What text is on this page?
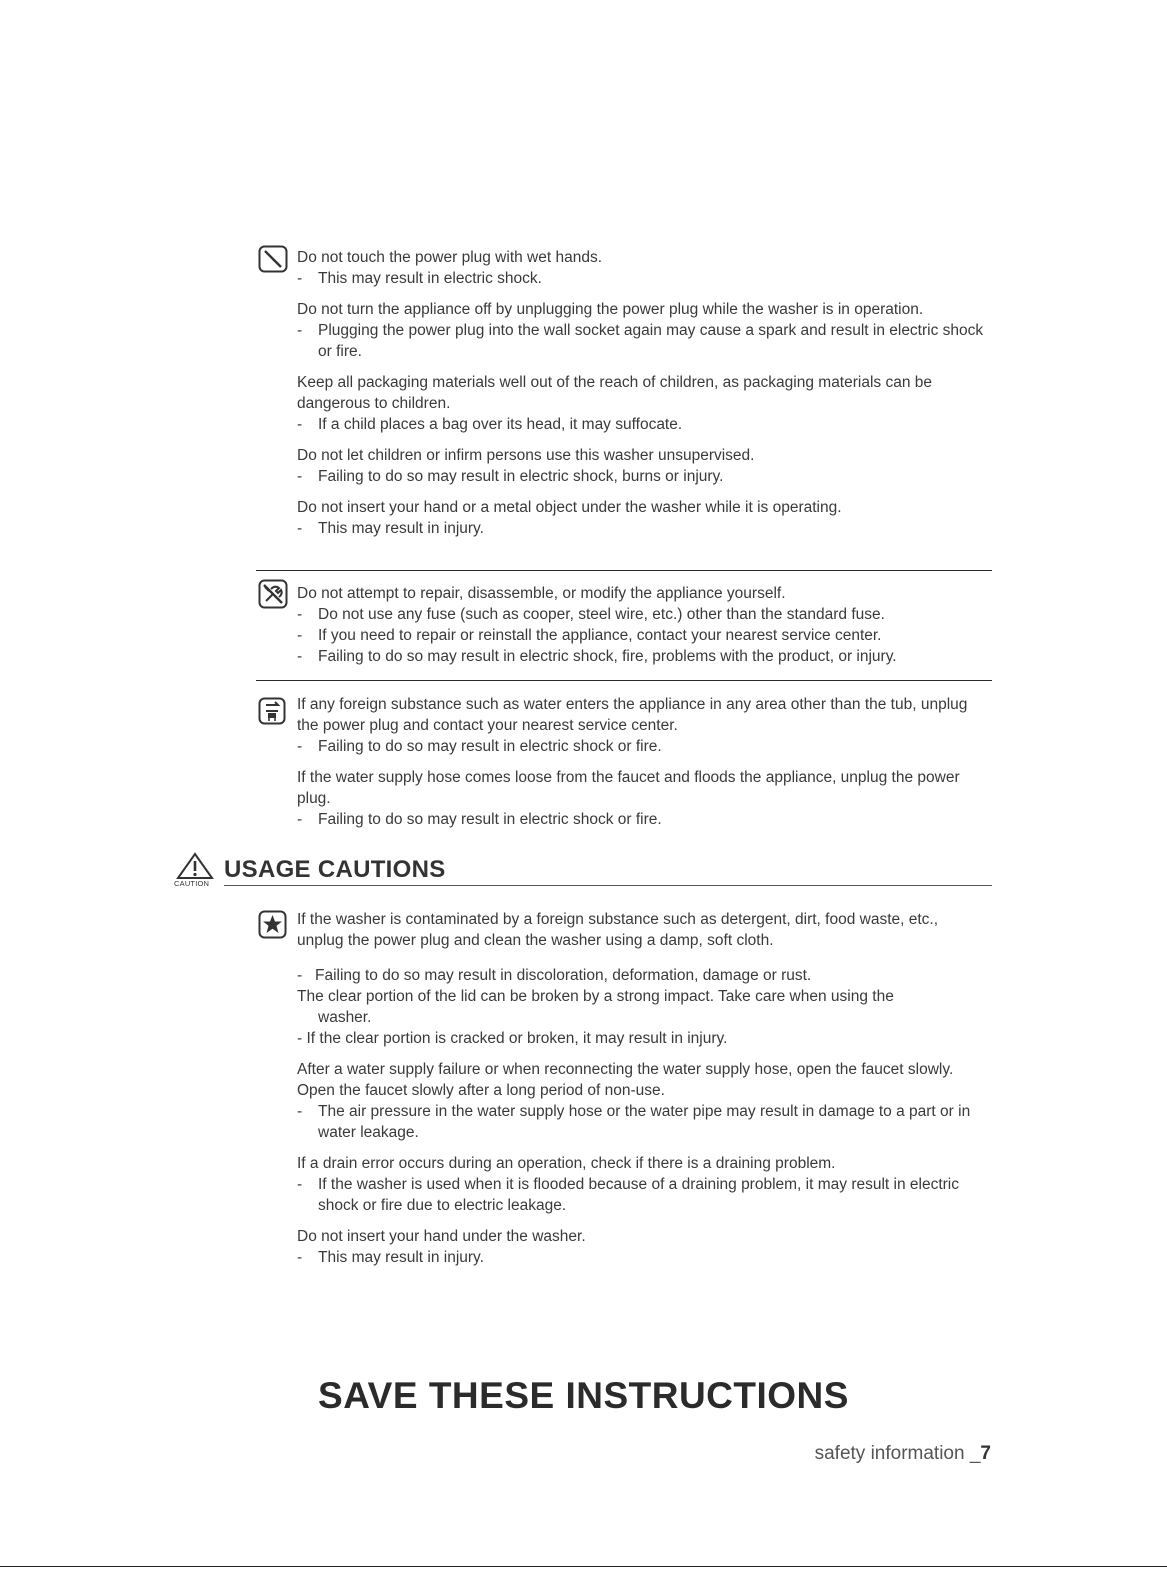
Do not touch the power plug with wet hands.

- This may result in electric shock.

Do not turn the appliance off by unplugging the power plug while the washer is in operation.

- Plugging the power plug into the wall socket again may cause a spark and result in electric shock or fire.

Keep all packaging materials well out of the reach of children, as packaging materials can be dangerous to children.

- If a child places a bag over its head, it may suffocate.

Do not let children or infirm persons use this washer unsupervised.

- Failing to do so may result in electric shock, burns or injury.

Do not insert your hand or a metal object under the washer while it is operating.

- This may result in injury.

Do not attempt to repair, disassemble, or modify the appliance yourself.

- Do not use any fuse (such as cooper, steel wire, etc.) other than the standard fuse.

- If you need to repair or reinstall the appliance, contact your nearest service center.

- Failing to do so may result in electric shock, fire, problems with the product, or injury.

If any foreign substance such as water enters the appliance in any area other than the tub, unplug the power plug and contact your nearest service center.

- Failing to do so may result in electric shock or fire.

If the water supply hose comes loose from the faucet and floods the appliance, unplug the power plug.

- Failing to do so may result in electric shock or fire.

CAUTION
USAGE CAUTIONS

If the washer is contaminated by a foreign substance such as detergent, dirt, food waste, etc., unplug the power plug and clean the washer using a damp, soft cloth.

- Failing to do so may result in discoloration, deformation, damage or rust.

The clear portion of the lid can be broken by a strong impact. Take care when using the

washer.

- If the clear portion is cracked or broken, it may result in injury.

After a water supply failure or when reconnecting the water supply hose, open the faucet slowly.

Open the faucet slowly after a long period of non-use.

- The air pressure in the water supply hose or the water pipe may result in damage to a part or in water leakage.

If a drain error occurs during an operation, check if there is a draining problem.

- If the washer is used when it is flooded because of a draining problem, it may result in electric shock or fire due to electric leakage.

Do not insert your hand under the washer.

- This may result in injury.

SAVE THESE INSTRUCTIONS
safety information _7
